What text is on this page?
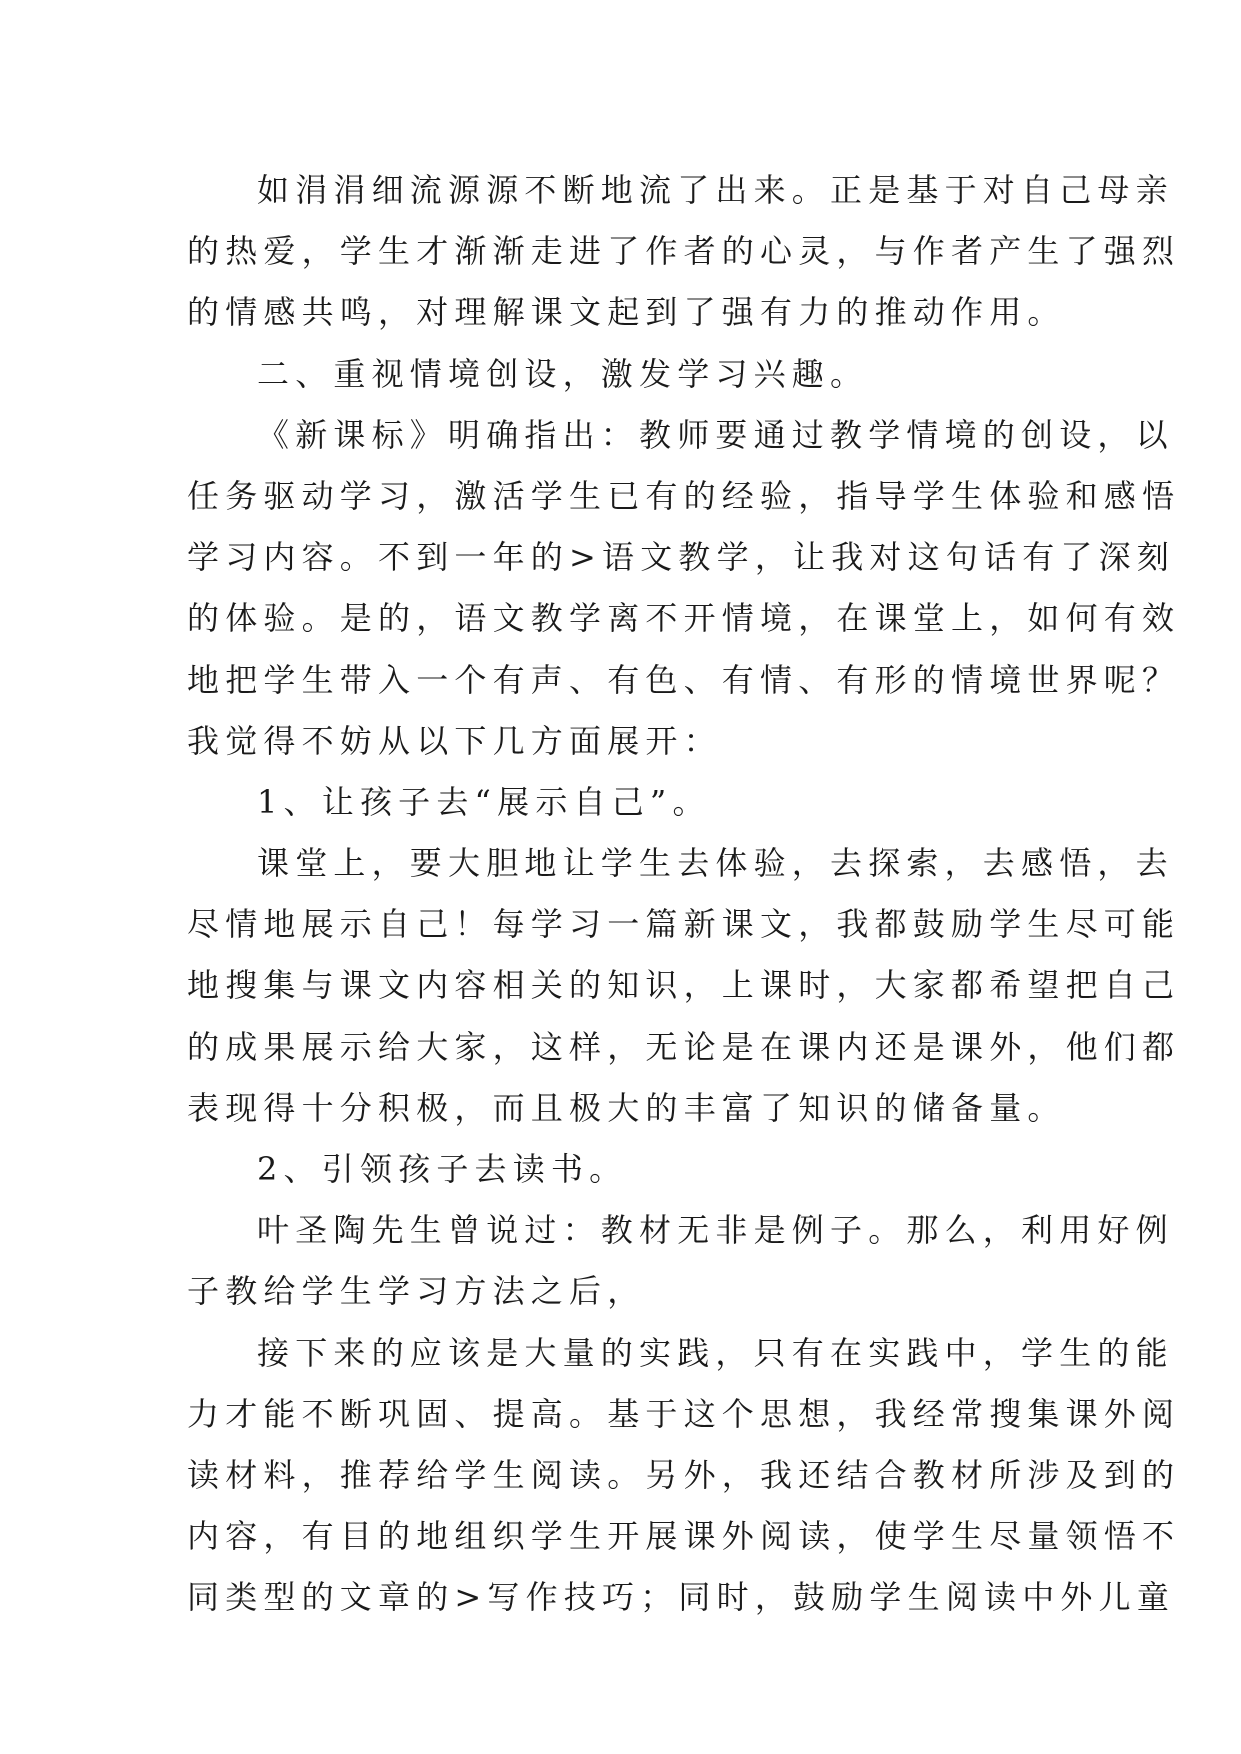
如涓涓细流源源不断地流了出来。正是基于对自己母亲
的热爱，学生才渐渐走进了作者的心灵，与作者产生了强烈
的情感共鸣，对理解课文起到了强有力的推动作用。
二、重视情境创设，激发学习兴趣。
《新课标》明确指出：教师要通过教学情境的创设，以
任务驱动学习，激活学生已有的经验，指导学生体验和感悟
学习内容。不到一年的>语文教学，让我对这句话有了深刻
的体验。是的，语文教学离不开情境，在课堂上，如何有效
地把学生带入一个有声、有色、有情、有形的情境世界呢？
我觉得不妨从以下几方面展开：
1、让孩子去“展示自己”。
课堂上，要大胆地让学生去体验，去探索，去感悟，去
尽情地展示自己！每学习一篇新课文，我都鼓励学生尽可能
地搜集与课文内容相关的知识，上课时，大家都希望把自己
的成果展示给大家，这样，无论是在课内还是课外，他们都
表现得十分积极，而且极大的丰富了知识的储备量。
2、引领孩子去读书。
叶圣陶先生曾说过：教材无非是例子。那么，利用好例
子教给学生学习方法之后，
接下来的应该是大量的实践，只有在实践中，学生的能
力才能不断巩固、提高。基于这个思想，我经常搜集课外阅
读材料，推荐给学生阅读。另外，我还结合教材所涉及到的
内容，有目的地组织学生开展课外阅读，使学生尽量领悟不
同类型的文章的>写作技巧；同时，鼓励学生阅读中外儿童
